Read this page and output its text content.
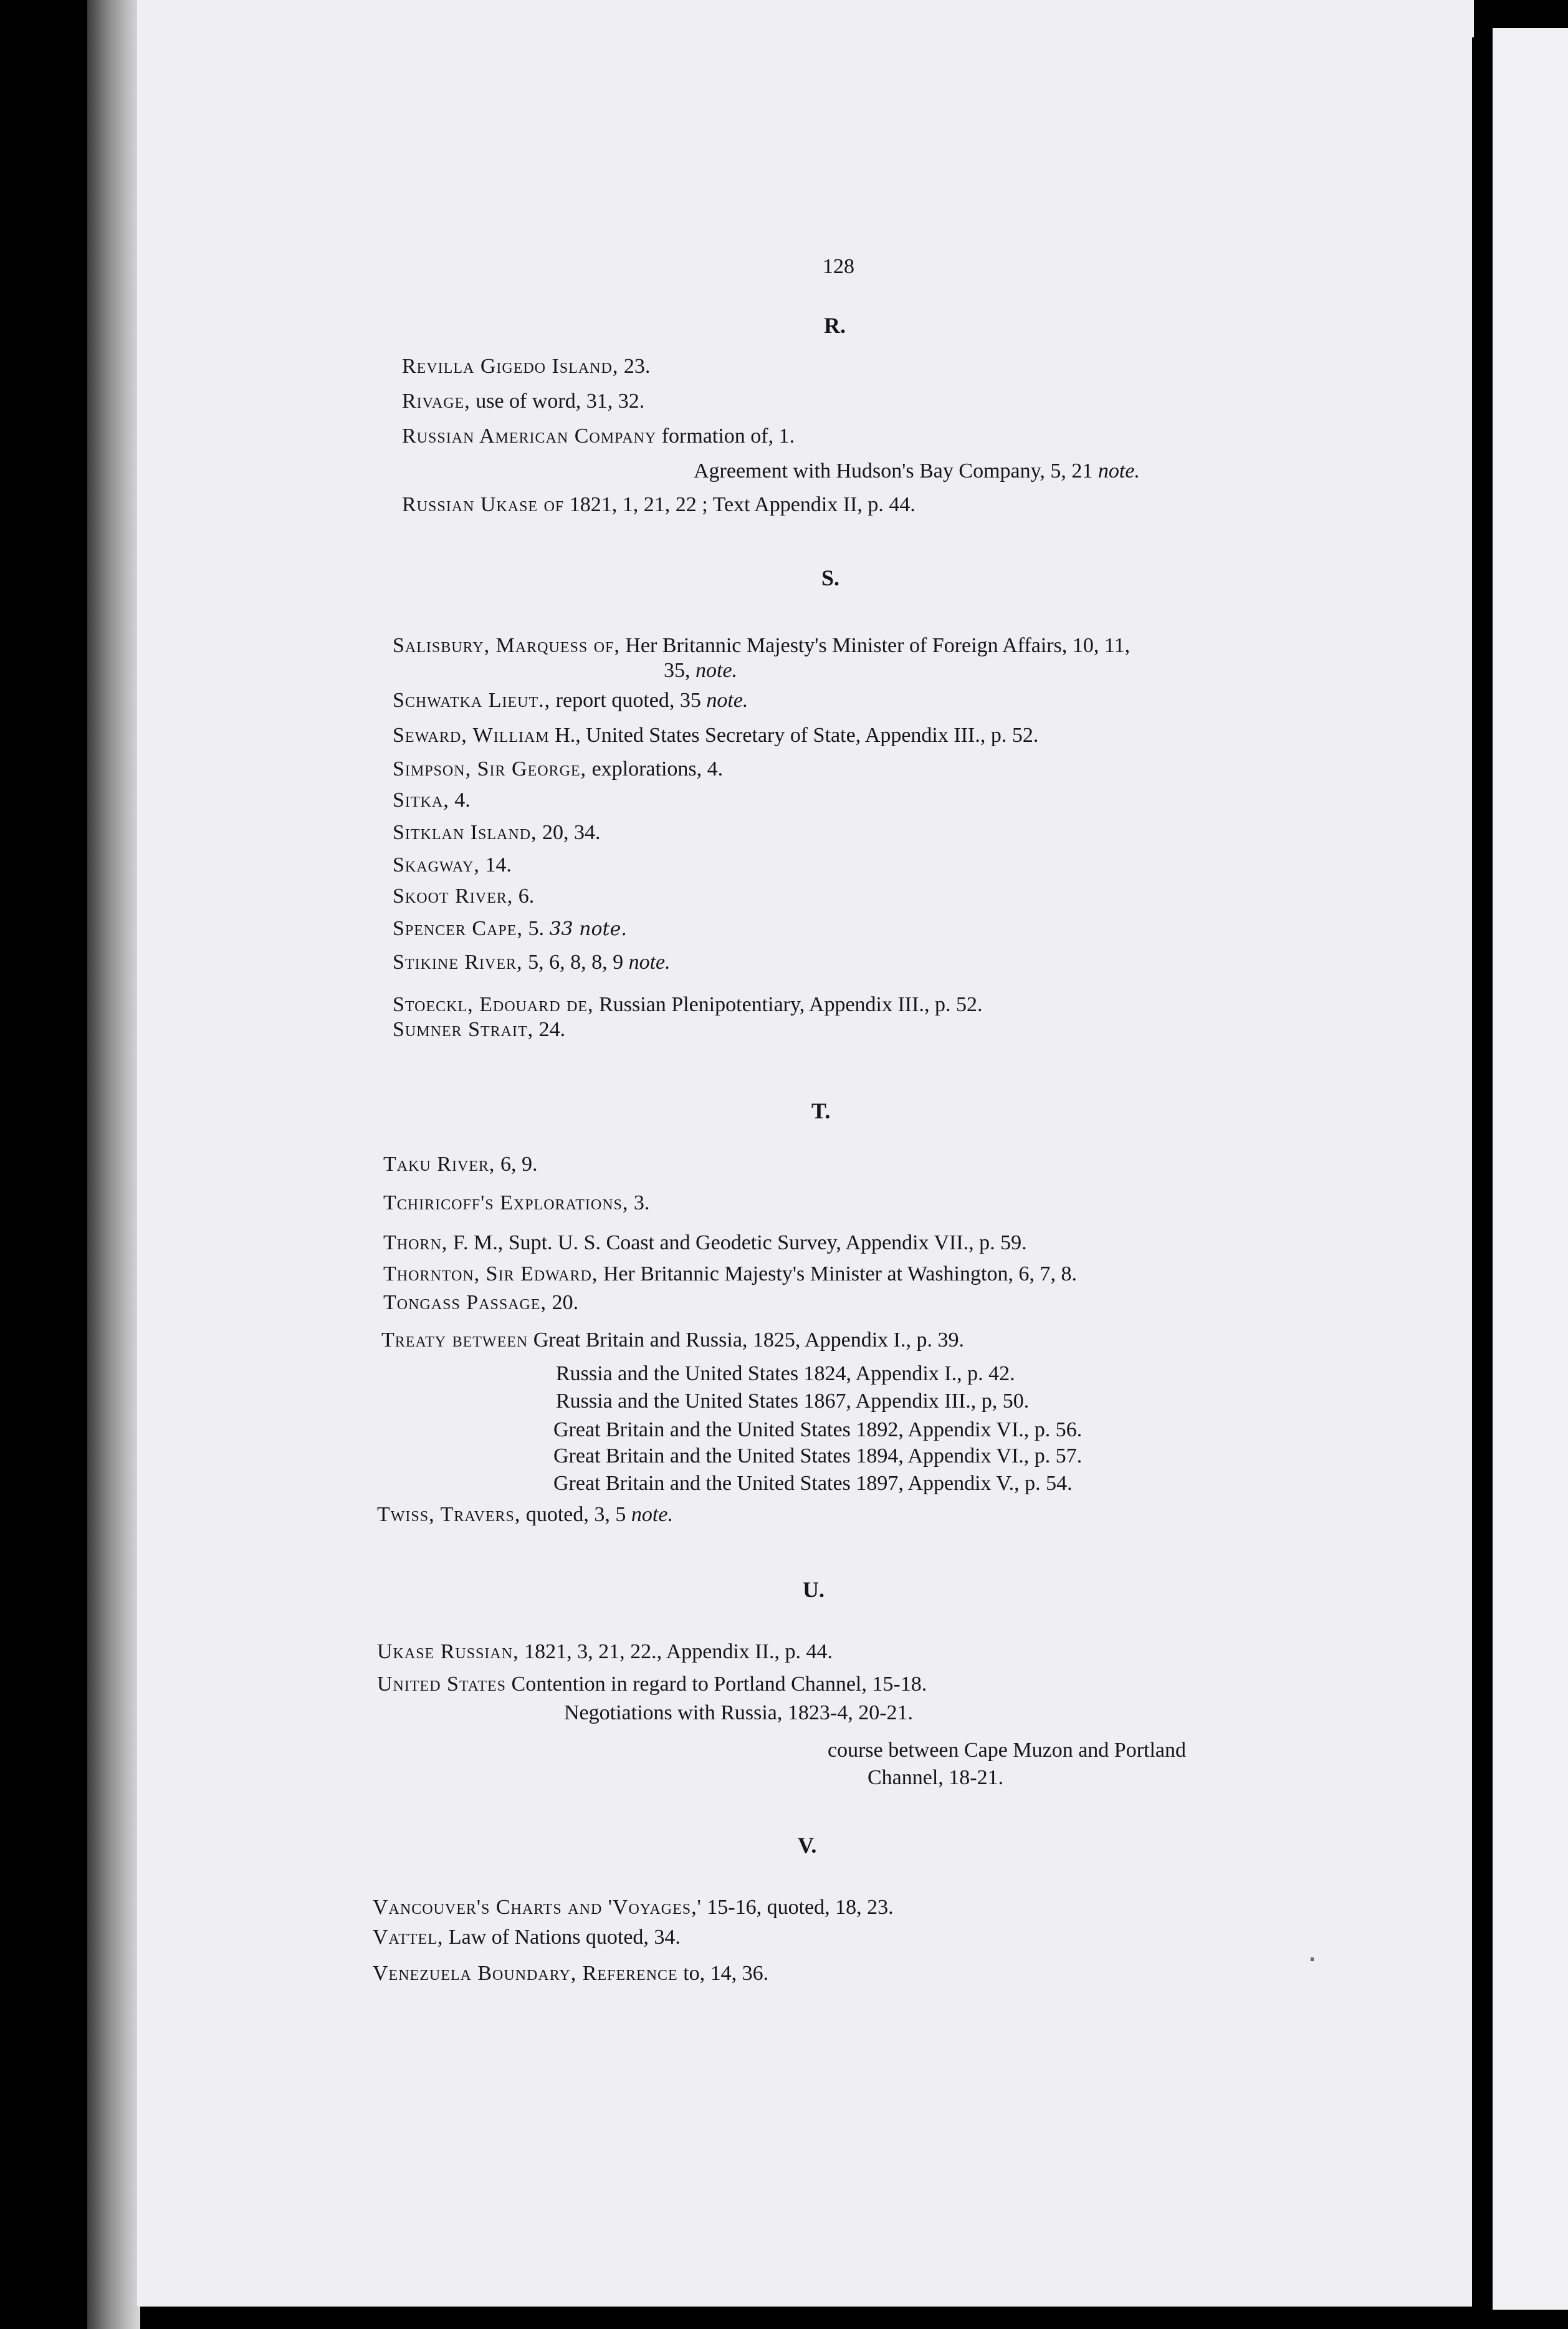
128
R.
Revilla Gigedo Island, 23.
Rivage, use of word, 31, 32.
Russian American Company formation of, 1.
Agreement with Hudson's Bay Company, 5, 21 note.
Russian Ukase of 1821, 1, 21, 22 ; Text Appendix II, p. 44.
S.
Salisbury, Marquess of, Her Britannic Majesty's Minister of Foreign Affairs, 10, 11,
35, note.
Schwatka Lieut., report quoted, 35 note.
Seward, William H., United States Secretary of State, Appendix III., p. 52.
Simpson, Sir George, explorations, 4.
Sitka, 4.
Sitklan Island, 20, 34.
Skagway, 14.
Skoot River, 6.
Spencer Cape, 5. 33 note.
Stikine River, 5, 6, 8, 8, 9 note.
Stoeckl, Edouard de, Russian Plenipotentiary, Appendix III., p. 52.
Sumner Strait, 24.
T.
Taku River, 6, 9.
Tchiricoff's Explorations, 3.
Thorn, F. M., Supt. U. S. Coast and Geodetic Survey, Appendix VII., p. 59.
Thornton, Sir Edward, Her Britannic Majesty's Minister at Washington, 6, 7, 8.
Tongass Passage, 20.
Treaty between Great Britain and Russia, 1825, Appendix I., p. 39.
Russia and the United States 1824, Appendix I., p. 42.
Russia and the United States 1867, Appendix III., p, 50.
Great Britain and the United States 1892, Appendix VI., p. 56.
Great Britain and the United States 1894, Appendix VI., p. 57.
Great Britain and the United States 1897, Appendix V., p. 54.
Twiss, Travers, quoted, 3, 5 note.
U.
Ukase Russian, 1821, 3, 21, 22., Appendix II., p. 44.
United States Contention in regard to Portland Channel, 15-18.
Negotiations with Russia, 1823-4, 20-21.
course between Cape Muzon and Portland
Channel, 18-21.
V.
Vancouver's Charts and 'Voyages,' 15-16, quoted, 18, 23.
Vattel, Law of Nations quoted, 34.
Venezuela Boundary, Reference to, 14, 36.
